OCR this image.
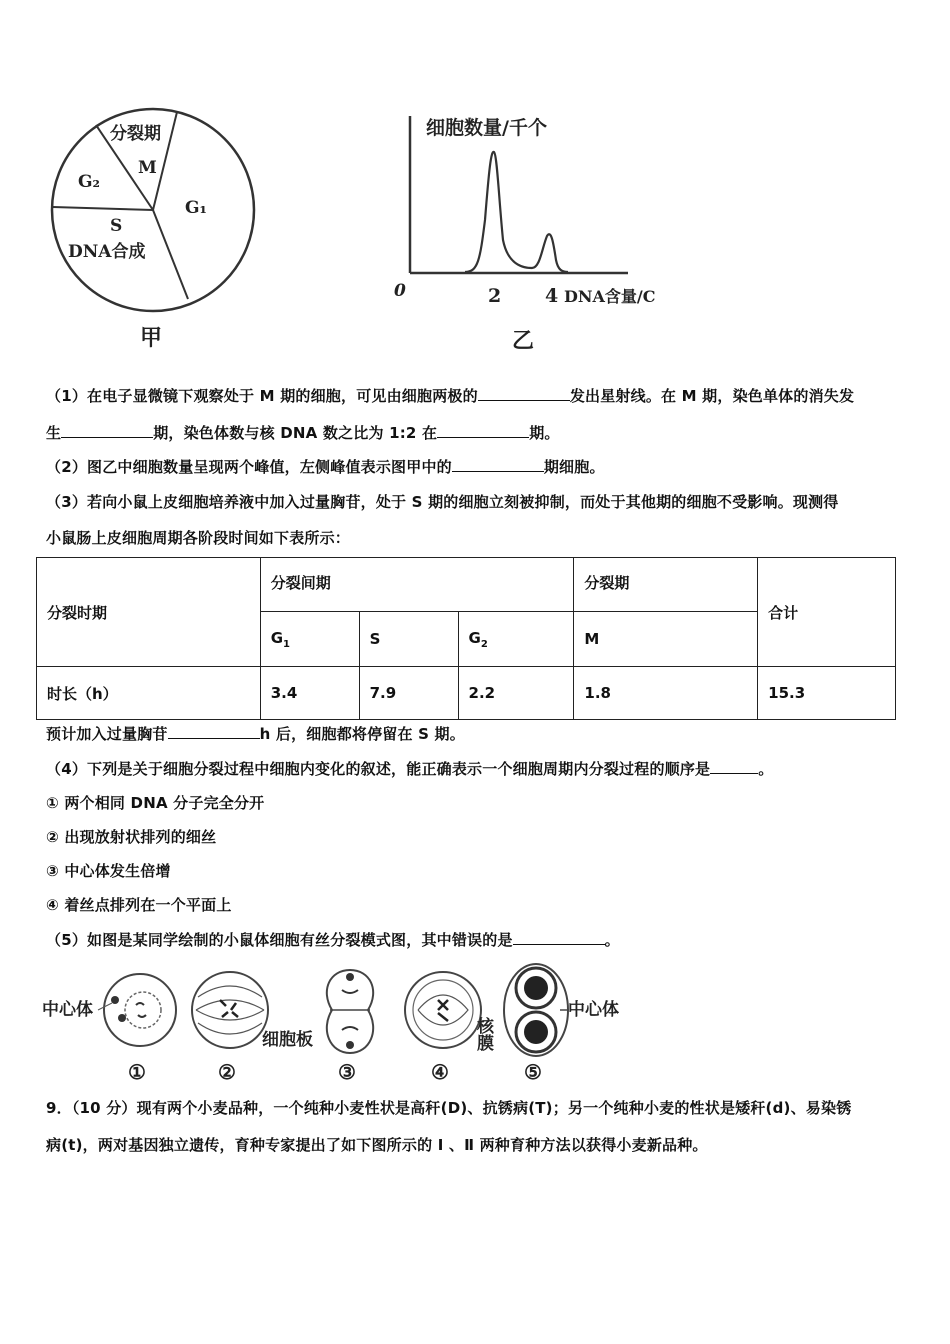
分裂期
M
G₂
G₁
S
DNA合成
甲
细胞数量/千个
0	2 4 DNA含量/C
乙
（1）在电子显微镜下观察处于 M 期的细胞，可见由细胞两极的	发出星射线。在 M 期，染色单体的消失发
生	期，染色体数与核 DNA 数之比为 1:2 在	期。
（2）图乙中细胞数量呈现两个峰值，左侧峰值表示图甲中的	期细胞。
（3）若向小鼠上皮细胞培养液中加入过量胸苷，处于 S 期的细胞立刻被抑制，而处于其他期的细胞不受影响。现测得
小鼠肠上皮细胞周期各阶段时间如下表所示：
分裂时期	分裂间期			分裂期	合计
	$G_1$	S	$G_2$	M	
时长（h）	3.4	7.9	2.2	1.8	15.3
预计加入过量胸苷	h 后，细胞都将停留在 S 期。
（4）下列是关于细胞分裂过程中细胞内变化的叙述，能正确表示一个细胞周期内分裂过程的顺序是	。
① 两个相同 DNA 分子完全分开
② 出现放射状排列的细丝
③ 中心体发生倍增
④ 着丝点排列在一个平面上
（5）如图是某同学绘制的小鼠体细胞有丝分裂模式图，其中错误的是	。
中心体
①	②
细胞板
③
核膜
④
中心体
⑤
9．（10 分）现有两个小麦品种，一个纯种小麦性状是高秆(D)、抗锈病(T)；另一个纯种小麦的性状是矮秆(d)、易染锈
病(t)，两对基因独立遗传，育种专家提出了如下图所示的 Ⅰ 、Ⅱ 两种育种方法以获得小麦新品种。
